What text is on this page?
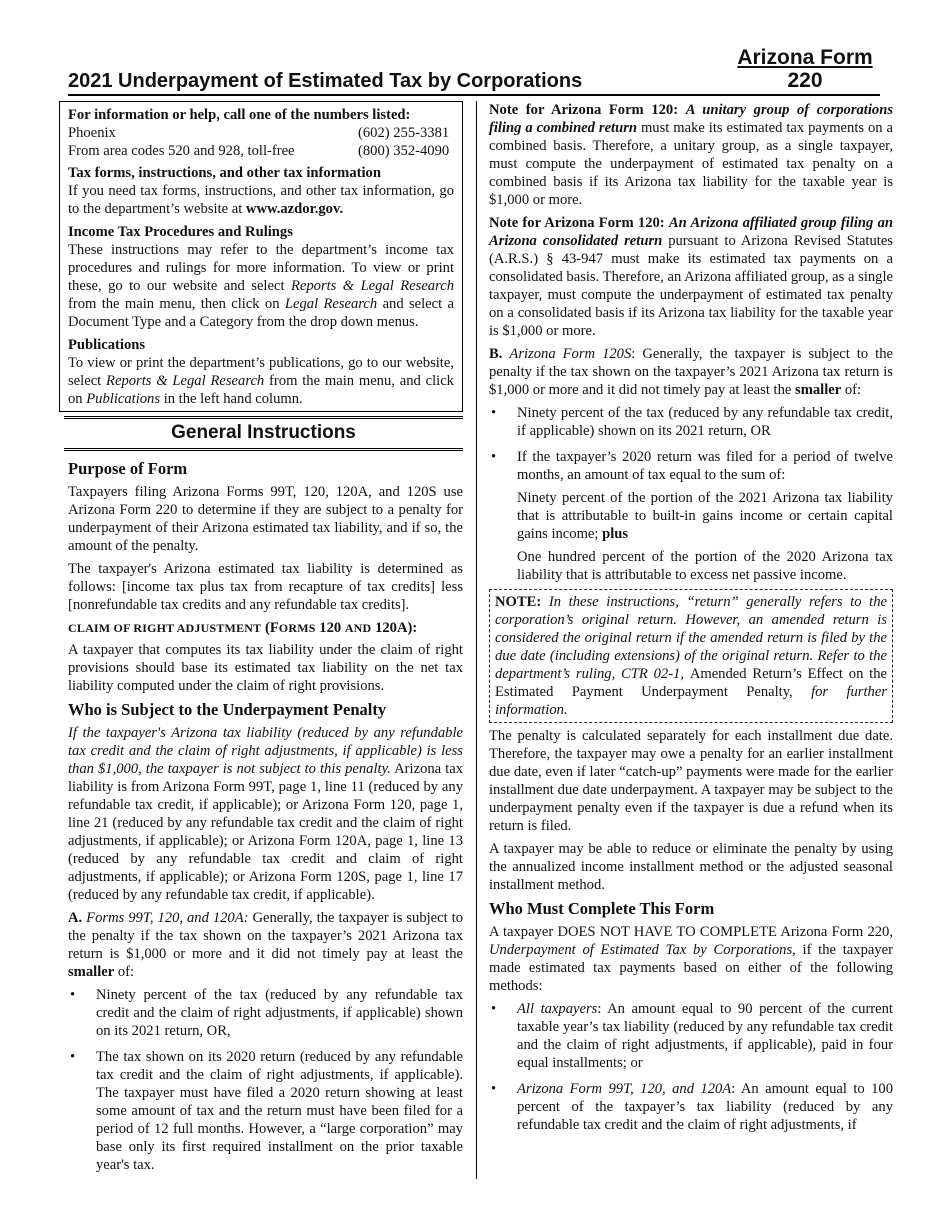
Arizona Form
220
2021 Underpayment of Estimated Tax by Corporations

For information or help, call one of the numbers listed:

Phoenix	(602) 255-3381
From area codes 520 and 928, toll-free	(800) 352-4090

Tax forms, instructions, and other tax information

If you need tax forms, instructions, and other tax information, go to the department’s website at www.azdor.gov.

Income Tax Procedures and Rulings

These instructions may refer to the department’s income tax procedures and rulings for more information. To view or print these, go to our website and select Reports & Legal Research from the main menu, then click on Legal Research and select a Document Type and a Category from the drop down menus.

Publications

To view or print the department’s publications, go to our website, select Reports & Legal Research from the main menu, and click on Publications in the left hand column.

General Instructions
Purpose of Form

Taxpayers filing Arizona Forms 99T, 120, 120A, and 120S use Arizona Form 220 to determine if they are subject to a penalty for underpayment of their Arizona estimated tax liability, and if so, the amount of the penalty.

The taxpayer's Arizona estimated tax liability is determined as follows: [income tax plus tax from recapture of tax credits] less [nonrefundable tax credits and any refundable tax credits].

CLAIM OF RIGHT ADJUSTMENT (FORMS 120 AND 120A):

A taxpayer that computes its tax liability under the claim of right provisions should base its estimated tax liability on the net tax liability computed under the claim of right provisions.

Who is Subject to the Underpayment Penalty

If the taxpayer's Arizona tax liability (reduced by any refundable tax credit and the claim of right adjustments, if applicable) is less than $1,000, the taxpayer is not subject to this penalty. Arizona tax liability is from Arizona Form 99T, page 1, line 11 (reduced by any refundable tax credit, if applicable); or Arizona Form 120, page 1, line 21 (reduced by any refundable tax credit and the claim of right adjustments, if applicable); or Arizona Form 120A, page 1, line 13 (reduced by any refundable tax credit and claim of right adjustments, if applicable); or Arizona Form 120S, page 1, line 17 (reduced by any refundable tax credit, if applicable).

A. Forms 99T, 120, and 120A: Generally, the taxpayer is subject to the penalty if the tax shown on the taxpayer’s 2021 Arizona tax return is $1,000 or more and it did not timely pay at least the smaller of:

• Ninety percent of the tax (reduced by any refundable tax credit and the claim of right adjustments, if applicable) shown on its 2021 return, OR,
• The tax shown on its 2020 return (reduced by any refundable tax credit and the claim of right adjustments, if applicable). The taxpayer must have filed a 2020 return showing at least some amount of tax and the return must have been filed for a period of 12 full months. However, a “large corporation” may base only its first required installment on the prior taxable year's tax.

Note for Arizona Form 120: A unitary group of corporations filing a combined return must make its estimated tax payments on a combined basis. Therefore, a unitary group, as a single taxpayer, must compute the underpayment of estimated tax penalty on a combined basis if its Arizona tax liability for the taxable year is $1,000 or more.

Note for Arizona Form 120: An Arizona affiliated group filing an Arizona consolidated return pursuant to Arizona Revised Statutes (A.R.S.) § 43-947 must make its estimated tax payments on a consolidated basis. Therefore, an Arizona affiliated group, as a single taxpayer, must compute the underpayment of estimated tax penalty on a consolidated basis if its Arizona tax liability for the taxable year is $1,000 or more.

B. Arizona Form 120S: Generally, the taxpayer is subject to the penalty if the tax shown on the taxpayer’s 2021 Arizona tax return is $1,000 or more and it did not timely pay at least the smaller of:

• Ninety percent of the tax (reduced by any refundable tax credit, if applicable) shown on its 2021 return, OR
• If the taxpayer’s 2020 return was filed for a period of twelve months, an amount of tax equal to the sum of:

Ninety percent of the portion of the 2021 Arizona tax liability that is attributable to built-in gains income or certain capital gains income; plus

One hundred percent of the portion of the 2020 Arizona tax liability that is attributable to excess net passive income.

NOTE: In these instructions, “return” generally refers to the corporation’s original return. However, an amended return is considered the original return if the amended return is filed by the due date (including extensions) of the original return. Refer to the department’s ruling, CTR 02-1, Amended Return’s Effect on the Estimated Payment Underpayment Penalty, for further information.

The penalty is calculated separately for each installment due date. Therefore, the taxpayer may owe a penalty for an earlier installment due date, even if later “catch-up” payments were made for the earlier installment due date underpayment. A taxpayer may be subject to the underpayment penalty even if the taxpayer is due a refund when its return is filed.

A taxpayer may be able to reduce or eliminate the penalty by using the annualized income installment method or the adjusted seasonal installment method.

Who Must Complete This Form

A taxpayer DOES NOT HAVE TO COMPLETE Arizona Form 220, Underpayment of Estimated Tax by Corporations, if the taxpayer made estimated tax payments based on either of the following methods:

• All taxpayers: An amount equal to 90 percent of the current taxable year’s tax liability (reduced by any refundable tax credit and the claim of right adjustments, if applicable), paid in four equal installments; or
• Arizona Form 99T, 120, and 120A: An amount equal to 100 percent of the taxpayer’s tax liability (reduced by any refundable tax credit and the claim of right adjustments, if
